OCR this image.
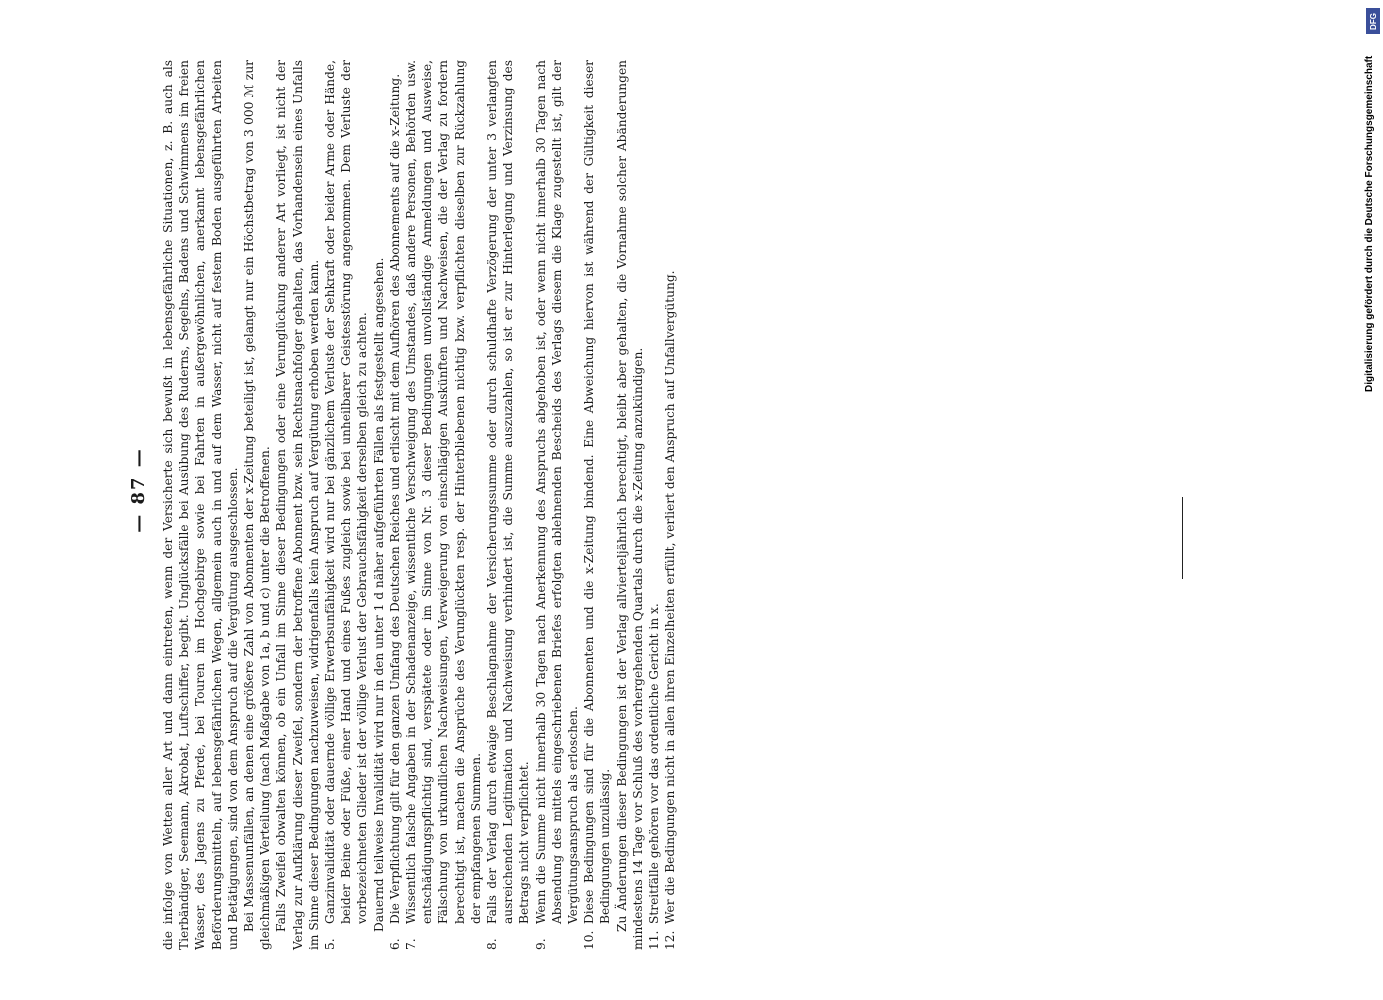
— 87 — die infolge von Wetten aller Art und dann eintreten, wenn der Versicherte sich bewußt in lebensgefährliche Situationen, z. B. auch als Tierbändiger, Seemann, Akrobat, Luftschiffer, begibt. Unglücksfälle bei Ausübung des Ruderns, Segelns, Badens und Schwimmens im freien Wasser, des Jagens zu Pferde, bei Touren im Hochgebirge sowie bei Fahrten in außergewöhnlichen, anerkannt lebensgefährlichen Beförderungsmitteln, auf lebensgefährlichen Wegen, allgemein auch in und auf dem Wasser, nicht auf festem Boden ausgeführten Arbeiten und Betätigungen, sind von dem Anspruch auf die Vergütung ausgeschlossen. Bei Massenunfällen, an denen eine größere Zahl von Abonnenten der x-Zeitung beteiligt ist, gelangt nur ein Höchstbetrag von 3 000 ℳ zur gleichmäßigen Verteilung (nach Maßgabe von 1a, b und c) unter die Betroffenen. Falls Zweifel obwalten können, ob ein Unfall im Sinne dieser Bedingungen oder eine Verunglückung anderer Art vorliegt, ist nicht der Verlag zur Aufklärung dieser Zweifel, sondern der betroffene Abonnent bzw. sein Rechtsnachfolger gehalten, das Vorhandensein eines Unfalls im Sinne dieser Bedingungen nachzuweisen, widrigenfalls kein Anspruch auf Vergütung erhoben werden kann. 5.
Ganzinvalidität oder dauernde völlige Erwerbsunfähigkeit wird nur bei gänzlichem Verluste der Sehkraft oder beider Arme oder Hände, beider Beine oder Füße, einer Hand und eines Fußes zugleich sowie bei unheilbarer Geistesstörung angenommen. Dem Verluste der vorbezeichneten Glieder ist der völlige Verlust der Gebrauchsfähigkeit derselben gleich zu achten. Dauernd teilweise Invalidität wird nur in den unter 1 d näher aufgeführten Fällen als festgestellt angesehen.

6.
Die Verpflichtung gilt für den ganzen Umfang des Deutschen Reiches und erlischt mit dem Aufhören des Abonnements auf die x-Zeitung.

7.
Wissentlich falsche Angaben in der Schadenanzeige, wissentliche Verschweigung des Umstandes, daß andere Personen, Behörden usw. entschädigungspflichtig sind, verspätete oder im Sinne von Nr. 3 dieser Bedingungen unvollständige Anmeldungen und Ausweise, Fälschung von urkundlichen Nachweisungen, Verweigerung von einschlägigen Auskünften und Nachweisen, die der Verlag zu fordern berechtigt ist, machen die Ansprüche des Verunglückten resp. der Hinterbliebenen nichtig bzw. verpflichten dieselben zur Rückzahlung der empfangenen Summen.

8.
Falls der Verlag durch etwaige Beschlagnahme der Versicherungssumme oder durch schuldhafte Verzögerung der unter 3 verlangten ausreichenden Legitimation und Nachweisung verhindert ist, die Summe auszuzahlen, so ist er zur Hinterlegung und Verzinsung des Betrags nicht verpflichtet.

9.
Wenn die Summe nicht innerhalb 30 Tagen nach Anerkennung des Anspruchs abgehoben ist, oder wenn nicht innerhalb 30 Tagen nach Absendung des mittels eingeschriebenen Briefes erfolgten ablehnenden Bescheids des Verlags diesem die Klage zugestellt ist, gilt der Vergütungsanspruch als erloschen.

10.
Diese Bedingungen sind für die Abonnenten und die x-Zeitung bindend. Eine Abweichung hiervon ist während der Gültigkeit dieser Bedingungen unzulässig. Zu Änderungen dieser Bedingungen ist der Verlag allvierteljährlich berechtigt, bleibt aber gehalten, die Vornahme solcher Abänderungen mindestens 14 Tage vor Schluß des vorhergehenden Quartals durch die x-Zeitung anzukündigen. 11.
Streitfälle gehören vor das ordentliche Gericht in x.

12.
Wer die Bedingungen nicht in allen ihren Einzelheiten erfüllt, verliert den Anspruch auf Unfallvergütung.

DFG
Digitalisierung gefördert durch die Deutsche Forschungsgemeinschaft
